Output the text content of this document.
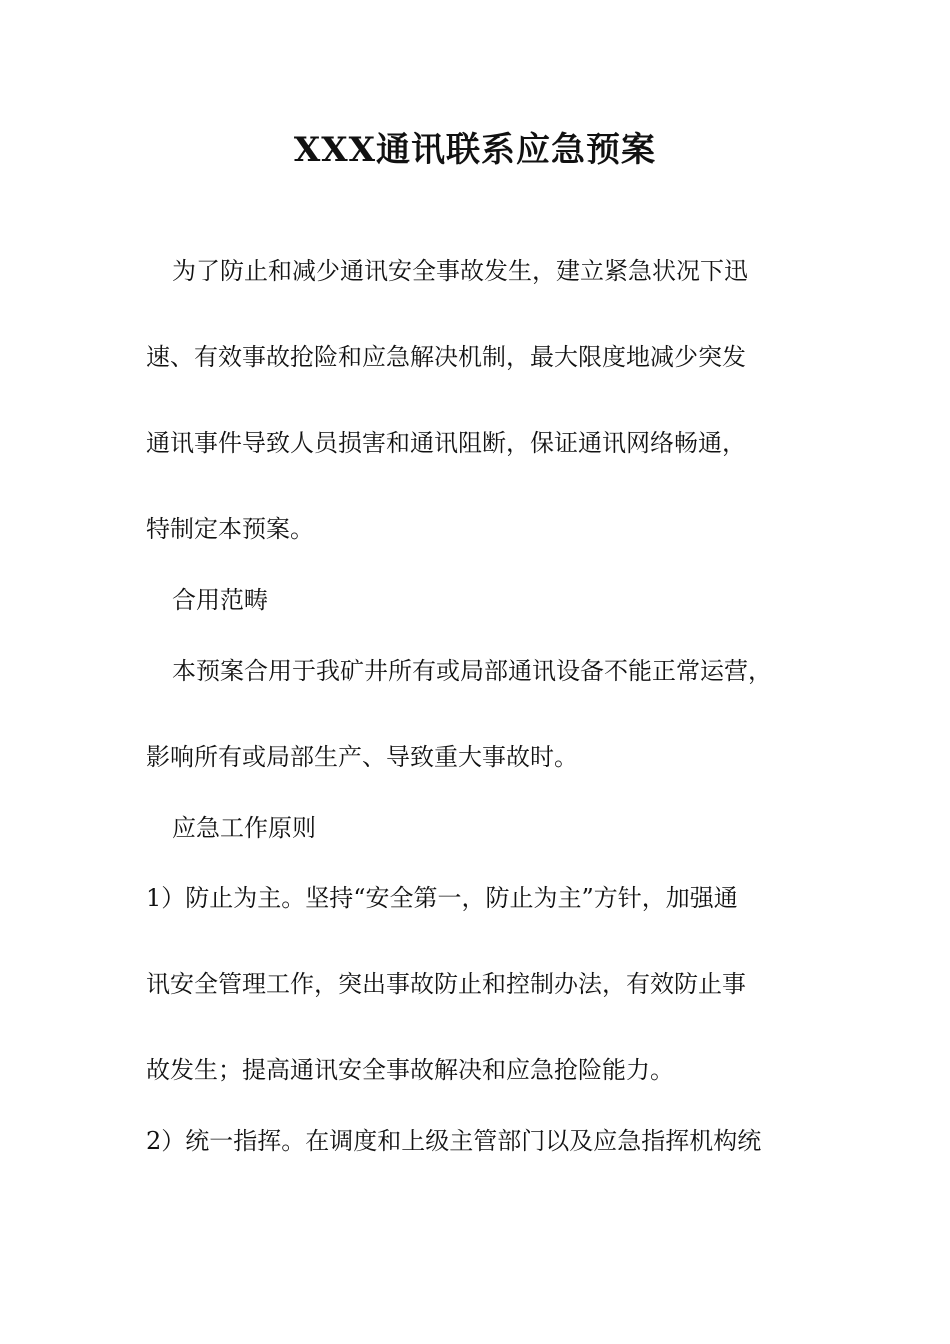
XXX通讯联系应急预案
为了防止和减少通讯安全事故发生，建立紧急状况下迅
速、有效事故抢险和应急解决机制，最大限度地减少突发
通讯事件导致人员损害和通讯阻断，保证通讯网络畅通，
特制定本预案。
合用范畴
本预案合用于我矿井所有或局部通讯设备不能正常运营，
影响所有或局部生产、导致重大事故时。
应急工作原则
1）防止为主。坚持“安全第一，防止为主”方针，加强通
讯安全管理工作，突出事故防止和控制办法，有效防止事
故发生；提高通讯安全事故解决和应急抢险能力。
2）统一指挥。在调度和上级主管部门以及应急指挥机构统
